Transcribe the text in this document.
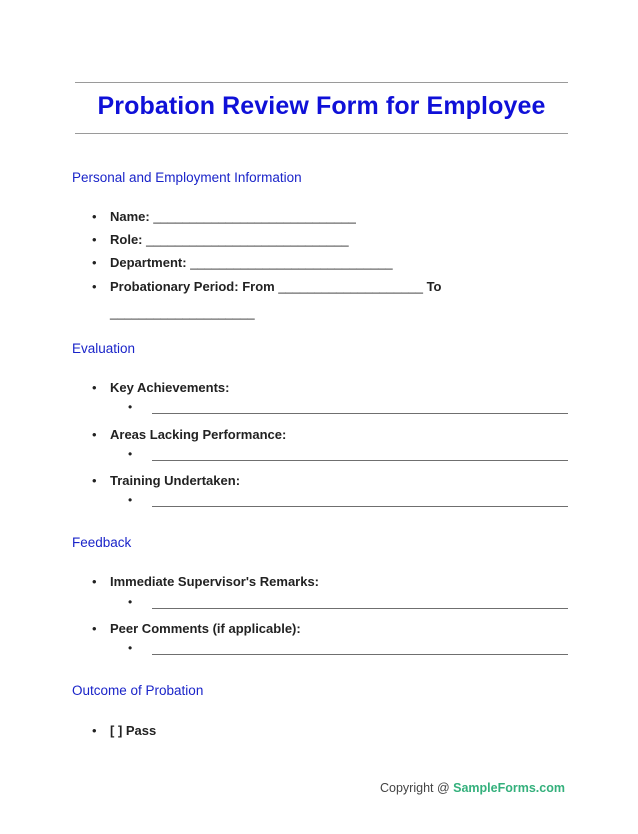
Probation Review Form for Employee
Personal and Employment Information
• Name: ____________________________
• Role: ____________________________
• Department: ____________________________
• Probationary Period: From ____________________ To
____________________
Evaluation
• Key Achievements:
•
• Areas Lacking Performance:
•
• Training Undertaken:
•
Feedback
• Immediate Supervisor's Remarks:
•
• Peer Comments (if applicable):
•
Outcome of Probation
• [ ] Pass
Copyright @ SampleForms.com
